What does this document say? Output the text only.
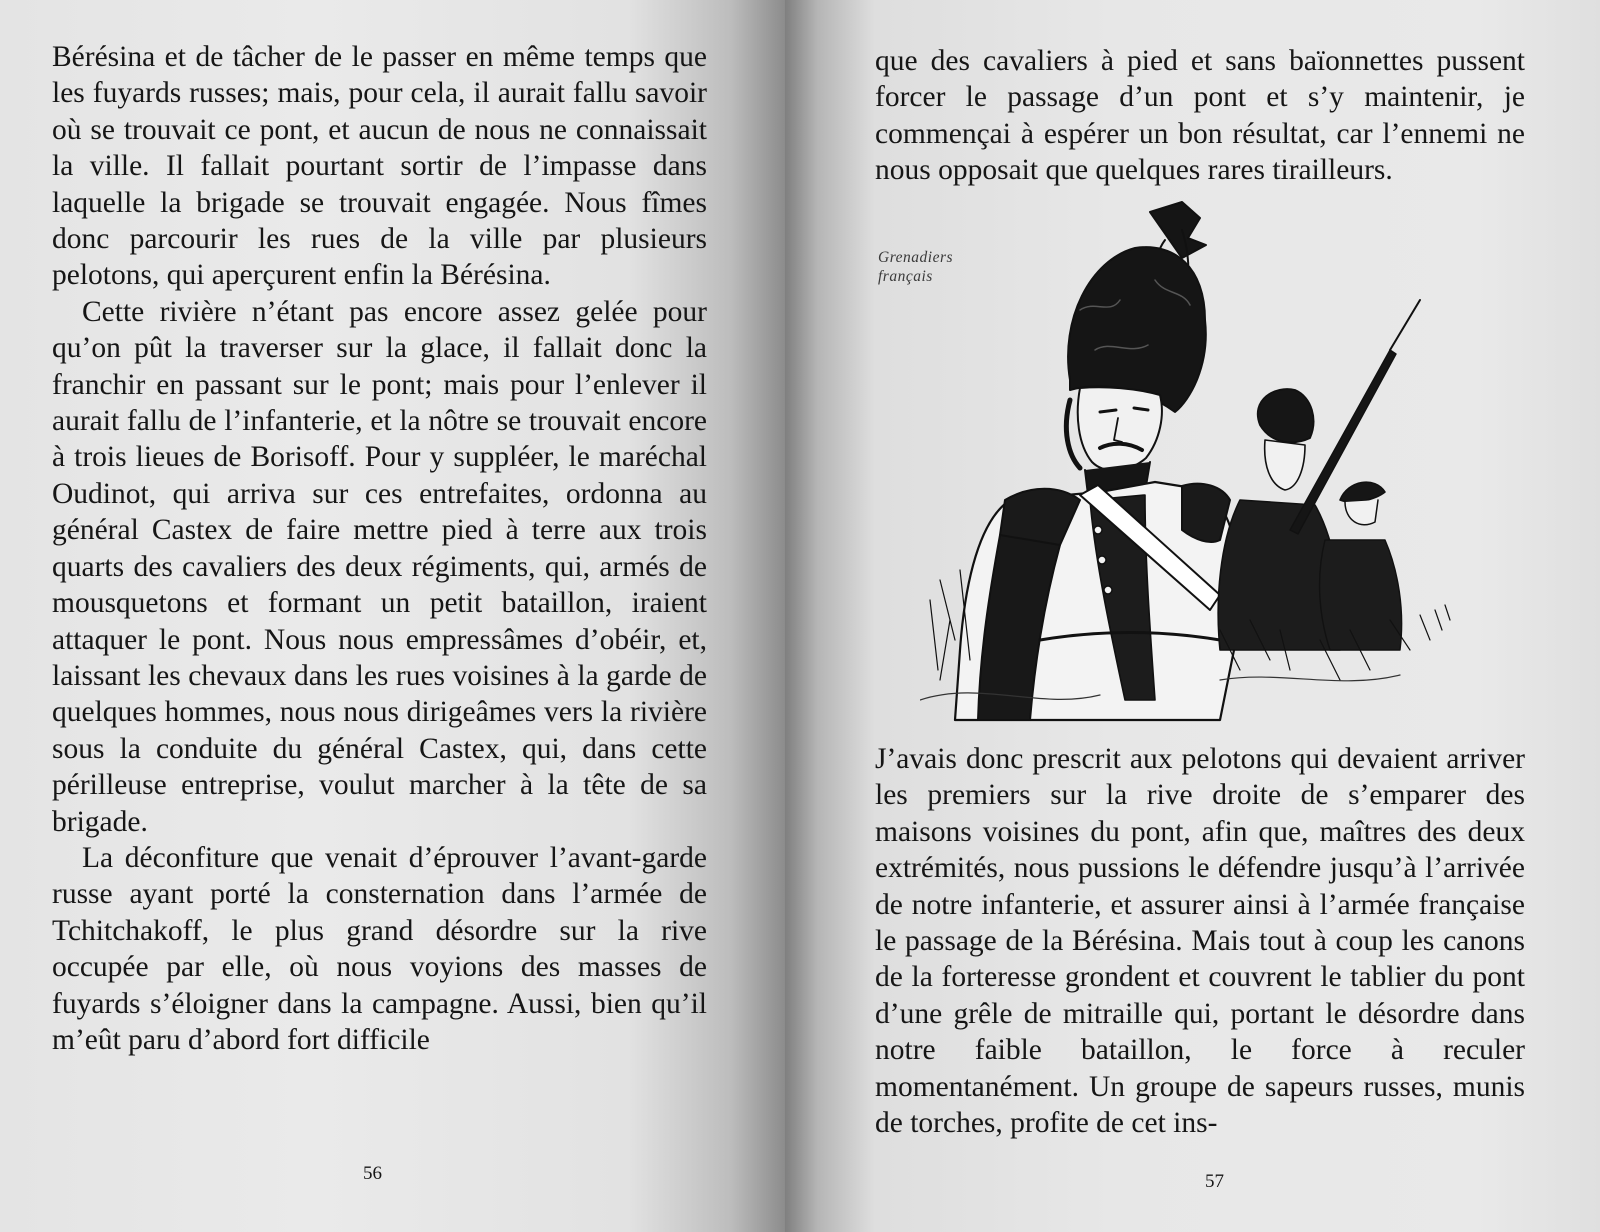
Bérésina et de tâcher de le passer en même temps que les fuyards russes; mais, pour cela, il aurait fallu savoir où se trouvait ce pont, et aucun de nous ne connaissait la ville. Il fallait pourtant sortir de l’impasse dans laquelle la brigade se trouvait engagée. Nous fîmes donc parcourir les rues de la ville par plusieurs pelotons, qui aperçurent enfin la Bérésina.

Cette rivière n’étant pas encore assez gelée pour qu’on pût la traverser sur la glace, il fallait donc la franchir en passant sur le pont; mais pour l’enlever il aurait fallu de l’infanterie, et la nôtre se trouvait encore à trois lieues de Borisoff. Pour y suppléer, le maréchal Oudinot, qui arriva sur ces entrefaites, ordonna au général Castex de faire mettre pied à terre aux trois quarts des cavaliers des deux régiments, qui, armés de mousquetons et formant un petit bataillon, iraient attaquer le pont. Nous nous empressâmes d’obéir, et, laissant les chevaux dans les rues voisines à la garde de quelques hommes, nous nous dirigeâmes vers la rivière sous la conduite du général Castex, qui, dans cette périlleuse entreprise, voulut marcher à la tête de sa brigade.

La déconfiture que venait d’éprouver l’avant-garde russe ayant porté la consternation dans l’armée de Tchitchakoff, le plus grand désordre sur la rive occupée par elle, où nous voyions des masses de fuyards s’éloigner dans la campagne. Aussi, bien qu’il m’eût paru d’abord fort difficile

56

que des cavaliers à pied et sans baïonnettes pussent forcer le passage d’un pont et s’y maintenir, je commençai à espérer un bon résultat, car l’ennemi ne nous opposait que quelques rares tirailleurs.

Grenadiers
français

J’avais donc prescrit aux pelotons qui devaient arriver les premiers sur la rive droite de s’emparer des maisons voisines du pont, afin que, maîtres des deux extrémités, nous pussions le défendre jusqu’à l’arrivée de notre infanterie, et assurer ainsi à l’armée française le passage de la Bérésina. Mais tout à coup les canons de la forteresse grondent et couvrent le tablier du pont d’une grêle de mitraille qui, portant le désordre dans notre faible bataillon, le force à reculer momentanément. Un groupe de sapeurs russes, munis de torches, profite de cet ins-

57
